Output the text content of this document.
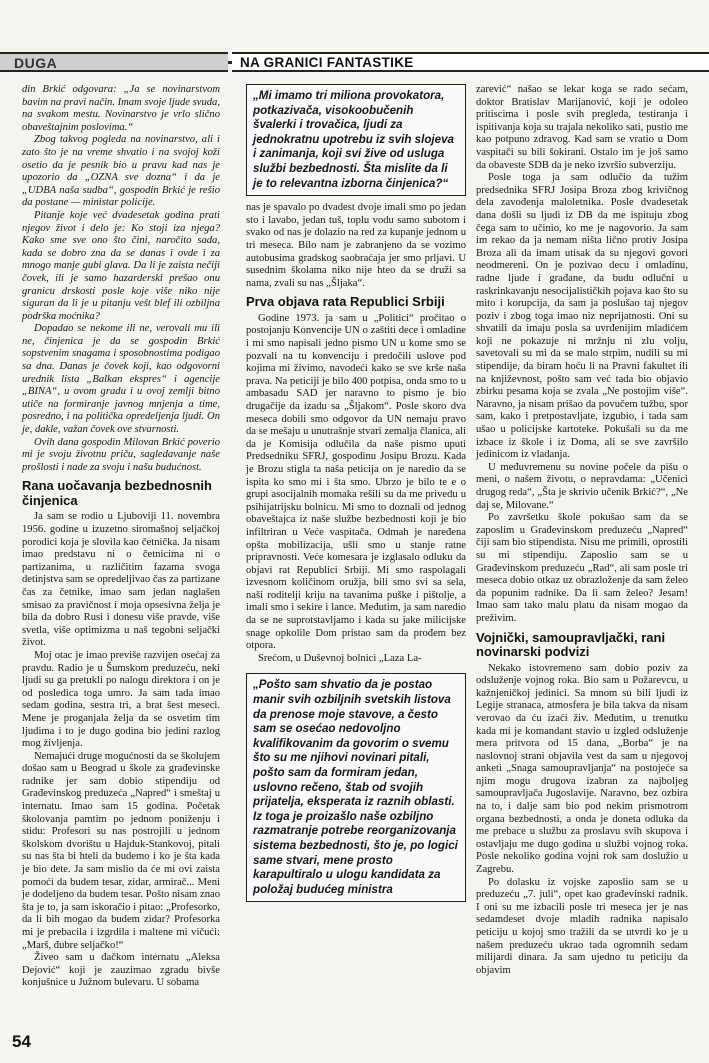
DUGA	NA GRANICI FANTASTIKE

din Brkić odgovara: „Ja se novinarstvom bavim na pravi način. Imam svoje ljude svuda, na svakom mestu. Novinarstvo je vrlo slično obaveštajnim poslovima.“

Zbog takvog pogleda na novinarstvo, ali i zato što je na vreme shvatio i na svojoj koži osetio da je pesnik bio u pravu kad nas je upozorio da „OZNA sve dozna“ i da je „UDBA naša sudba“, gospodin Brkić je rešio da postane — ministar policije.

Pitanje koje već dvadesetak godina prati njegov život i delo je: Ko stoji iza njega? Kako sme sve ono što čini, naročito sada, kada se dobro zna da se danas i ovde i za mnogo manje gubi glava. Da li je zaista nečiji čovek, ili je samo hazarderski prešao onu granicu drskosti posle koje više niko nije siguran da li je u pitanju vešt blef ili ozbiljna podrška moćnika?

Dopadao se nekome ili ne, verovali mu ili ne, činjenica je da se gospodin Brkić sopstvenim snagama i sposobnostima podigao sa dna. Danas je čovek koji, kao odgovorni urednik lista „Balkan ekspres“ i agencije „BINA“, u ovom gradu i u ovoj zemlji bitno utiče na formiranje javnog mnjenja a time, posredno, i na politička opredeljenja ljudi. On je, dakle, važan čovek ove stvarnosti.

Ovih dana gospodin Milovan Brkić poverio mi je svoju životnu priču, sagledavanje naše prošlosti i nade za svoju i našu budućnost.

Rana uočavanja bezbednosnih činjenica

Ja sam se rodio u Ljuboviji 11. novembra 1956. godine u izuzetno siromašnoj seljačkoj porodici koja je slovila kao četnička. Ja nisam imao predstavu ni o četnicima ni o partizanima, u različitim fazama svoga detinjstva sam se opredeljivao čas za partizane čas za četnike, imao sam jedan naglašen smisao za pravičnost i moja opsesivna želja je bila da dobro Rusi i donesu više pravde, više svetla, više optimizma u naš tegobni seljački život.

Moj otac je imao previše razvijen osećaj za pravdu. Radio je u Šumskom preduzeću, neki ljudi su ga pretukli po nalogu direktora i on je od posledica toga umro. Ja sam tada imao sedam godina, sestra tri, a brat šest meseci. Mene je proganjala želja da se osvetim tim ljudima i to je dugo godina bio jedini razlog mog življenja.

Nemajući druge mogućnosti da se školujem došao sam u Beograd u škole za građevinske radnike jer sam dobio stipendiju od Građevinskog preduzeća „Napred“ i smeštaj u internatu. Imao sam 15 godina. Početak školovanja pamtim po jednom poniženju i stidu: Profesori su nas postrojili u jednom školskom dvorištu u Hajduk-Stankovoj, pitali su nas šta bi hteli da budemo i ko je šta kada je bio dete. Ja sam mislio da će mi ovi zaista pomoći da budem tesar, zidar, armirač... Meni je dodeljeno da budem tesar. Pošto nisam znao šta je to, ja sam iskoračio i pitao: „Profesorko, da li bih mogao da budem zidar? Profesorka mi je prebacila i izgrdila i maltene mi vičući: „Marš, đubre seljačko!“

Živeo sam u đačkom internatu „Aleksa Dejović“ koji je zauzimao zgradu bivše konjušnice u Južnom bulevaru. U sobama

„Mi imamo tri miliona provokatora, potkazivača, visokoobučenih švalerki i trovačica, ljudi za jednokratnu upotrebu iz svih slojeva i zanimanja, koji svi žive od usluga službi bezbednosti. Šta mislite da li je to relevantna izborna činjenica?“

nas je spavalo po dvadest dvoje imali smo po jedan sto i lavabo, jedan tuš, toplu vodu samo subotom i svako od nas je dolazio na red za kupanje jednom u tri meseca. Bilo nam je zabranjeno da se vozimo autobusima gradskog saobraćaja jer smo prljavi. U susednim školama niko nije hteo da se druži sa nama, zvali su nas „Šljaka“.

Prva objava rata Republici Srbiji

Godine 1973. ja sam u „Politici“ pročitao o postojanju Konvencije UN o zaštiti dece i omladine i mi smo napisali jedno pismo UN u kome smo se pozvali na tu konvenciju i predočili uslove pod kojima mi živimo, navodeći kako se sve krše naša prava. Na peticiji je bilo 400 potpisa, onda smo to u ambasadu SAD jer naravno to pismo je bio drugačije da izadu sa „Šljakom“. Posle skoro dva meseca dobili smo odgovor da UN nemaju pravo da se mešaju u unutrašnje stvari zemalja članica, ali da je Komisija odlučila da naše pismo uputi Predsedniku SFRJ, gospodinu Josipu Brozu. Kada je Brozu stigla ta naša peticija on je naredio da se ispita ko smo mi i šta smo. Ubrzo je bilo te e o grupi asocijalnih momaka rešili su da me privedu u psihijatrijsku bolnicu. Mi smo to doznali od jednog obaveštajca iz naše službe bezbednosti koji je bio infiltriran u Veće vaspitača. Odmah je naređena opšta mobilizacija, ušli smo u stanje ratne pripravnosti. Veće komesara je izglasalo odluku da objavi rat Republici Srbiji. Mi smo raspolagali izvesnom količinom oružja, bili smo svi sa sela, naši roditelji kriju na tavanima puške i pištolje, a imali smo i sekire i lance. Međutim, ja sam naredio da se ne suprotstavljamo i kada su jake milicijske snage opkolile Dom pristao sam da prođem bez otpora.

Srećom, u Duševnoj bolnici „Laza La-

„Pošto sam shvatio da je postao manir svih ozbiljnih svetskih listova da prenose moje stavove, a često sam se osećao nedovoljno kvalifikovanim da govorim o svemu što su me njihovi novinari pitali, pošto sam da formiram jedan, uslovno rečeno, štab od svojih prijatelja, eksperata iz raznih oblasti. Iz toga je proizašlo naše ozbiljno razmatranje potrebe reorganizovanja sistema bezbednosti, što je, po logici same stvari, mene prosto karapultiralo u ulogu kandidata za položaj budućeg ministra

zarević“ našao se lekar koga se rado sećam, doktor Bratislav Marijanović, koji je odoleo pritiscima i posle svih pregleda, testiranja i ispitivanja koja su trajala nekoliko sati, pustio me kao potpuno zdravog. Kad sam se vratio u Dom vaspitači su bili šokirani. Ostalo im je još samo da obaveste SDB da je neko izvršio subverziju.

Posle toga ja sam odlučio da tužim predsednika SFRJ Josipa Broza zbog krivičnog dela zavođenja maloletnika. Posle dvadesetak dana došli su ljudi iz DB da me ispituju zbog čega sam to učinio, ko me je nagovorio. Ja sam im rekao da ja nemam ništa lično protiv Josipa Broza ali da imam utisak da su njegovi govori neodmereni. On je pozivao decu i omladinu, radne ljude i građane, da budu odlučni u raskrinkavanju nesocijalističkih pojava kao što su mito i korupcija, da sam ja poslušao taj njegov poziv i zbog toga imao niz neprijatnosti. Oni su shvatili da imaju posla sa uvrđenijim mladićem koji ne pokazuje ni mržnju ni zlu volju, savetovali su mi da se malo strpim, nudili su mi stipendije, da biram hoću li na Pravni fakultet ili na književnost, pošto sam već tada bio objavio zbirku pesama koja se zvala „Ne postojim više“. Naravno, ja nisam prišao da povučem tužbu, spor sam, kako i pretpostavljate, izgubio, i tada sam ušao u policijske kartoteke. Pokušali su da me izbace iz škole i iz Doma, ali se sve završilo jedinicom iz vladanja.

U međuvremenu su novine počele da pišu o meni, o našem životu, o nepravdama: „Učenici drugog reda“, „Šta je skrivio učenik Brkić?“, „Ne daj se, Milovane.“

Po završetku škole pokušao sam da se zaposlim u Građevinskom preduzeću „Napred“ čiji sam bio stipendista. Nisu me primili, oprostili su mi stipendiju. Zaposlio sam se u Građevinskom preduzeću „Rad“, ali sam posle tri meseca dobio otkaz uz obrazloženje da sam želeo da popunim radnike. Da li sam želeo? Jesam! Imao sam tako malu platu da nisam mogao da preživim.

Vojnički, samoupravljački, rani novinarski podvizi

Nekako istovremeno sam dobio poziv za odsluženje vojnog roka. Bio sam u Požarevcu, u kažnjeničkoj jedinici. Sa mnom su bili ljudi iz Legije stranaca, atmosfera je bila takva da nisam verovao da ću izaći živ. Međutim, u trenutku kada mi je komandant stavio u izgled odsluženje mera pritvora od 15 dana, „Borba“ je na naslovnoj strani objavila vest da sam u njegovoj anketi „Snaga samoupravljanja“ na postojeće sa njim mogu drugova izabran za najboljeg samoupravljača Jugoslavije. Naravno, bez ozbira na to, i dalje sam bio pod nekim prismotrom organa bezbednosti, a onda je doneta odluka da me prebace u službu za proslavu svih skupova i ostavljaju me dugo godina u službi vojnog roka. Posle nekoliko godina vojni rok sam doslužio u Zagrebu.

Po dolasku iz vojske zaposlio sam se u preduzeću „7. juli“, opet kao građevinski radnik. I oni su me izbacili posle tri meseca jer je nas sedamdeset dvoje mladih radnika napisalo peticiju u kojoj smo tražili da se utvrdi ko je u našem preduzeću ukrao tada ogromnih sedam milijardi dinara. Ja sam ujedno tu peticiju da objavim

54
